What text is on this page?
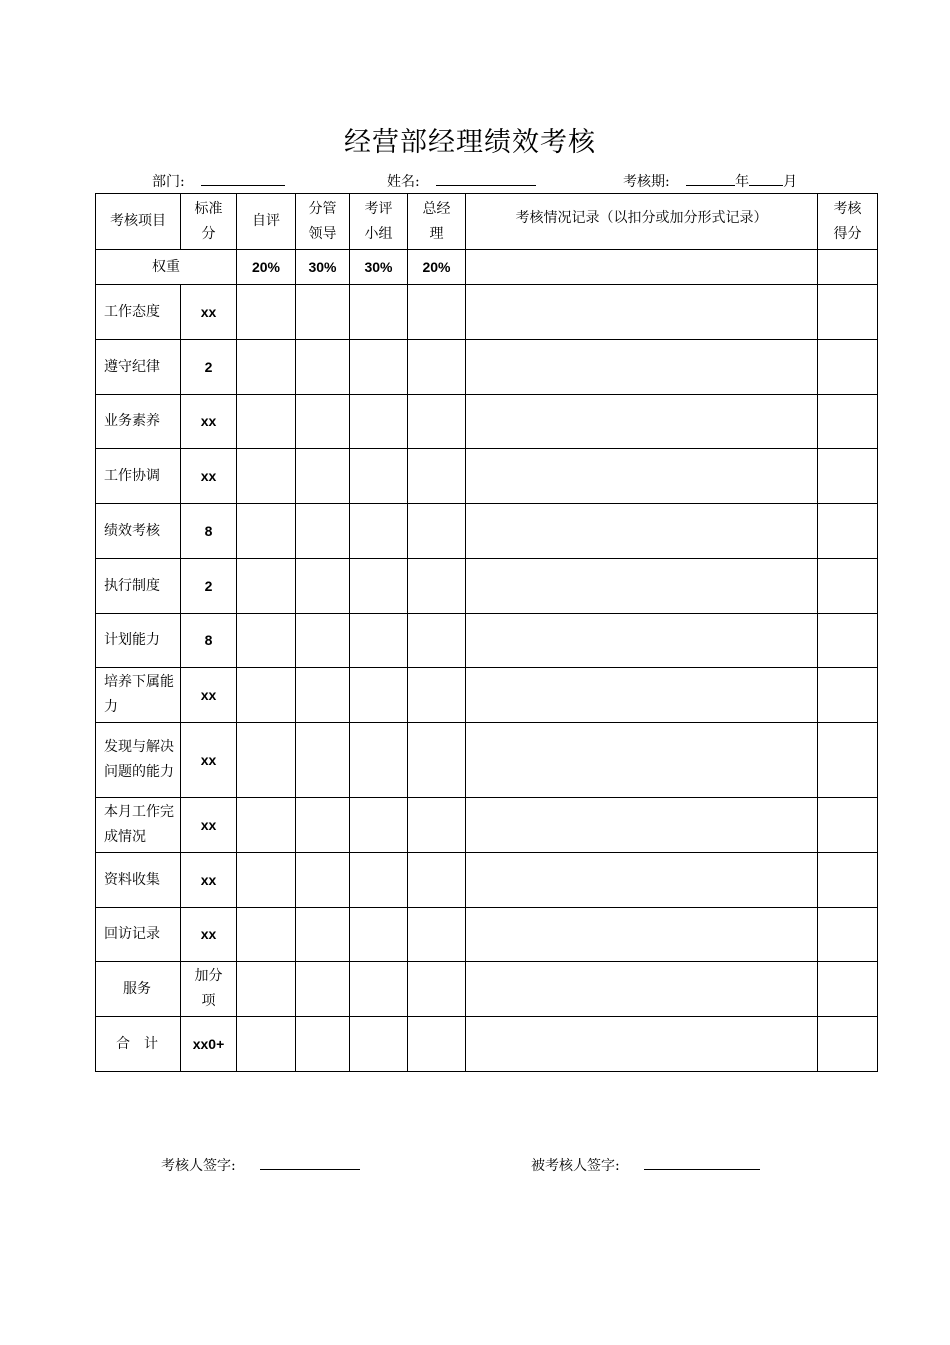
经营部经理绩效考核
部门:	姓名:	考核期:	年 月
考核项目	标准分	自评	分管领导	考评小组	总经理	考核情况记录（以扣分或加分形式记录）	考核得分
权重		20%	30%	30%	20%		
工作态度	xx						
遵守纪律	2						
业务素养	xx						
工作协调	xx						
绩效考核	8						
执行制度	2						
计划能力	8						
培养下属能力	xx						
发现与解决问题的能力	xx						
本月工作完成情况	xx						
资料收集	xx						
回访记录	xx						
服务	加分项						
合　计	xx0+						
考核人签字:	被考核人签字:
